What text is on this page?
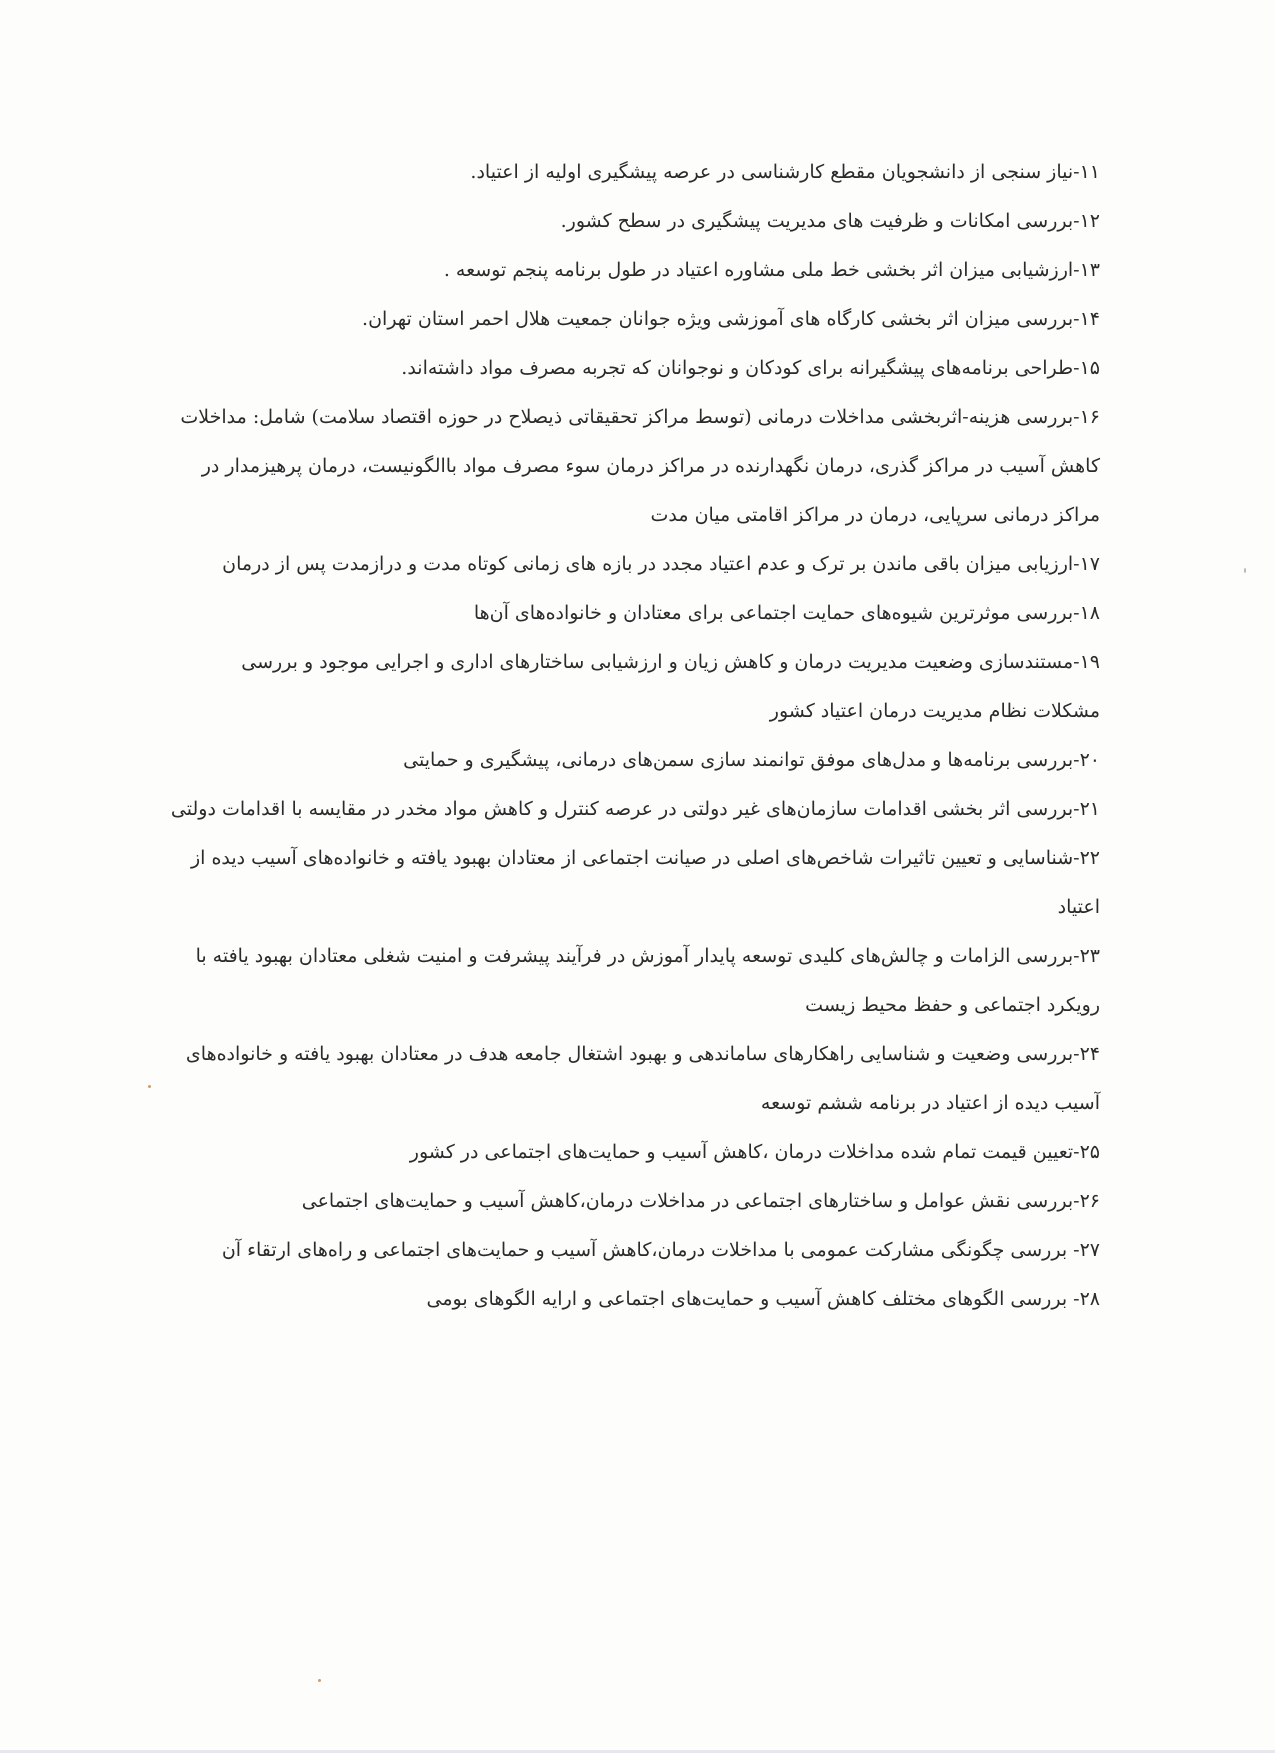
۱۱-نیاز سنجی از دانشجویان مقطع کارشناسی در عرصه پیشگیری اولیه از اعتیاد.

۱۲-بررسی امکانات و ظرفیت های مدیریت پیشگیری در سطح کشور.

۱۳-ارزشیابی میزان اثر بخشی خط ملی مشاوره اعتیاد در طول برنامه پنجم توسعه .

۱۴-بررسی میزان اثر بخشی کارگاه های آموزشی ویژه جوانان جمعیت هلال احمر استان تهران.

۱۵-طراحی برنامه‌های پیشگیرانه برای کودکان و نوجوانان که تجربه مصرف مواد داشته‌اند.

۱۶-بررسی هزینه-اثربخشی مداخلات درمانی (توسط مراکز تحقیقاتی ذیصلاح در حوزه اقتصاد سلامت) شامل: مداخلات کاهش آسیب در مراکز گذری، درمان نگهدارنده در مراکز درمان سوء مصرف مواد باالگونیست، درمان پرهیزمدار در مراکز درمانی سرپایی، درمان در مراکز اقامتی میان مدت

۱۷-ارزیابی میزان باقی ماندن بر ترک و عدم اعتیاد مجدد در بازه های زمانی کوتاه مدت و درازمدت پس از درمان

۱۸-بررسی موثرترین شیوه‌های حمایت اجتماعی برای معتادان و خانواده‌های آن‌ها

۱۹-مستندسازی وضعیت مدیریت درمان و کاهش زیان و ارزشیابی ساختارهای اداری و اجرایی موجود و بررسی مشکلات نظام مدیریت درمان اعتیاد کشور

۲۰-بررسی برنامه‌ها و مدل‌های موفق توانمند سازی سمن‌های درمانی، پیشگیری و حمایتی

۲۱-بررسی اثر بخشی اقدامات سازمان‌های غیر دولتی در عرصه کنترل و کاهش مواد مخدر در مقایسه با اقدامات دولتی

۲۲-شناسایی و تعیین تاثیرات شاخص‌های اصلی در صیانت اجتماعی از معتادان بهبود یافته و خانواده‌های آسیب دیده از اعتیاد

۲۳-بررسی الزامات و چالش‌های کلیدی توسعه پایدار آموزش در فرآیند پیشرفت و امنیت شغلی معتادان بهبود یافته با رویکرد اجتماعی و حفظ محیط زیست

۲۴-بررسی وضعیت و شناسایی راهکارهای ساماندهی و بهبود اشتغال جامعه هدف در معتادان بهبود یافته و خانواده‌های آسیب دیده از اعتیاد در برنامه ششم توسعه

۲۵-تعیین قیمت تمام شده مداخلات درمان ،کاهش آسیب و حمایت‌های اجتماعی در کشور

۲۶-بررسی نقش عوامل و ساختارهای اجتماعی در مداخلات درمان،کاهش آسیب و حمایت‌های اجتماعی

۲۷- بررسی چگونگی مشارکت عمومی با مداخلات درمان،کاهش آسیب و حمایت‌های اجتماعی و راه‌های ارتقاء آن

۲۸- بررسی الگوهای مختلف کاهش آسیب و حمایت‌های اجتماعی و ارایه الگوهای بومی
